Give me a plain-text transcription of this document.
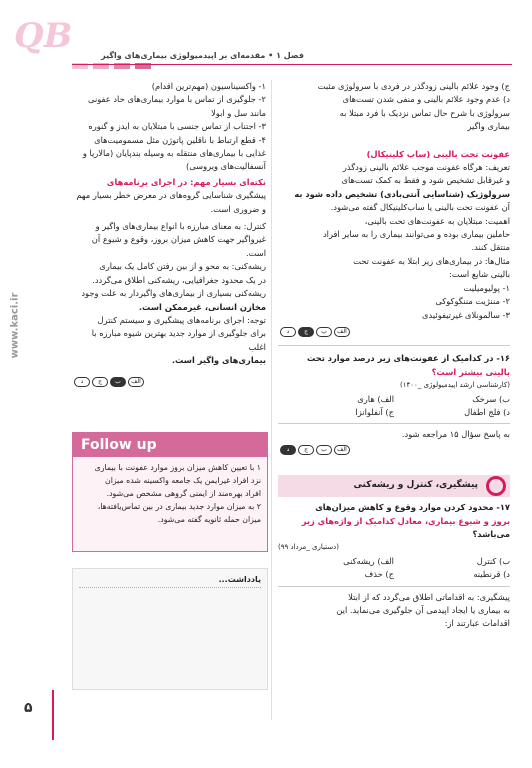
QB
	فصل ۱ • مقدمه‌ای بر اپیدمیولوژی بیماری‌های واگیر
ج) وجود علائم بالینی زودگذر در فردی با سرولوژی مثبت
د) عدم وجود علائم بالینی و منفی شدن تست‌های
سرولوژی با شرح حال تماس نزدیک با فرد مبتلا به
بیماری واگیر
عفونت تحت بالینی (ساب کلینیکال)
تعریف: هرگاه عفونت موجب علائم بالینی زودگذر
و غیرقابل تشخیص شود و فقط به کمک تست‌های
سرولوژیک (شناسایی آنتی‌بادی) تشخیص داده شود به
آن عفونت تحت بالینی یا ساب‌کلینیکال گفته می‌شود.
اهمیت: مبتلایان به عفونت‌های تحت بالینی،
حاملین بیماری بوده و می‌توانند بیماری را به سایر افراد
منتقل کنند.
مثال‌ها: در بیماری‌های زیر ابتلا به عفونت تحت
بالینی شایع است:
۱- پولیومیلیت
۲- مننژیت مننگوکوکی
۳- سالمونلای غیرتیفوئیدی
الفبجد
۱۶- در کدامیک از عفونت‌های زیر درصد موارد تحت
بالینی بیشتر است؟
(کارشناسی ارشد اپیدمیولوژی _۱۴۰۰)
الف) هاری	ب) سرخک
ج) آنفلوانزا	د) فلج اطفال
به پاسخ سؤال ۱۵ مراجعه شود.
الفبجد
پیشگیری، کنترل و ریشه‌کنی
۱۷- محدود کردن موارد وقوع و کاهش میزان‌های
بروز و شیوع بیماری، معادل کدامیک از واژه‌های زیر
می‌باشد؟
(دستیاری _مرداد ۹۹)
الف) ریشه‌کنی	ب) کنترل
ج) حذف	د) قرنطینه
پیشگیری: به اقداماتی اطلاق می‌گردد که از ابتلا
به بیماری یا ایجاد اپیدمی آن جلوگیری می‌نماید. این
اقدامات عبارتند از:
۱- واکسیناسیون (مهم‌ترین اقدام)
۲- جلوگیری از تماس با موارد بیماری‌های حاد عفونی
مانند سل و ابولا
۳- اجتناب از تماس جنسی با مبتلایان به ایدز و گنوره
۴- قطع ارتباط با ناقلین پاتوژن مثل مسمومیت‌های
غذایی با بیماری‌های منتقله به وسیله بندپایان (مالاریا و
آنسفالیت‌های ویروسی)
نکته‌ای بسیار مهم: در اجرای برنامه‌های
پیشگیری شناسایی گروه‌های در معرض خطر بسیار مهم
و ضروری است.
کنترل: به معنای مبارزه با انواع بیماری‌های واگیر و
غیرواگیر جهت کاهش میزان بروز، وقوع و شیوع آن است.
ریشه‌کنی: به محو و از بین رفتن کامل یک بیماری
در یک محدود جغرافیایی، ریشه‌کنی اطلاق می‌گردد.
ریشه‌کنی بسیاری از بیماری‌های واگیردار به علت وجود
مخازن انسانی، غیرممکن است.
توجه: اجرای برنامه‌های پیشگیری و سیستم کنترل
برای جلوگیری از موارد جدید بهترین شیوه مبارزه با اغلب
بیماری‌های واگیر است.
الفبجد
Follow up
۱ با تعیین کاهش میزان بروز موارد عفونت با بیماری
نزد افراد غیرایمن یک جامعه واکسینه شده میزان
افراد بهره‌مند از ایمنی گروهی مشخص می‌شود.
۲ به میزان موارد جدید بیماری در بین تماس‌یافته‌ها،
میزان حمله ثانویه گفته می‌شود.
یادداشت...
www.kaci.ir
۵
